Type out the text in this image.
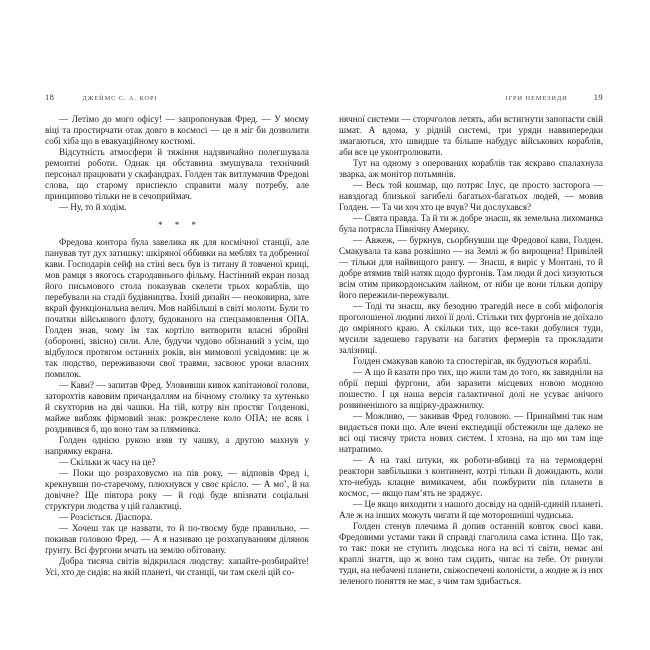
18	ДЖЕЙМС С. А. КОРІ

— Летімо до мого офісу! — запропонував Фред. — У моєму віці та простирчати отак довго в космосі — це я міг би дозволити собі хіба що в евакуаційному костюмі.

Відсутність атмосфери й тяжіння надзвичайно полегшувала ремонтні роботи. Однак ця обставина змушувала технічний персонал працювати у скафандрах. Голден так витлумачив Фредові слова, що старому приспекло справити малу потребу, але принципово тільки не в сечоприймач.

— Ну, то й ходім.

* * *

Фредова контора була завелика як для космічної станції, але панував тут дух затишку: шкіряної оббивки на меблях та добренної кави. Господарів сейф на стіні весь був із титану й товченої криці, мов рамця з якогось стародавнього фільму. Настінний екран позад його письмового стола показував скелети трьох кораблів, що перебували на стадії будівництва. Їхній дизайн — неоковирна, зате вкрай функціональна велич. Мов найбільші в світі молоти. Були то початки військового флоту, будованого на спецзамовлення ОПА. Голден знав, чому їм так кортіло витворити власні збройні (оборонні, звісно) сили. Але, будучи чудово обізнаний з усім, що відбулося протягом останніх років, він мимоволі усвідомив: це ж так людство, переживаючи свої травми, засвоює уроки власних помилок.

— Кави? — запитав Фред. Уловивши кивок капітанової голови, заторохтів кавовим причандаллям на бічному столику та хутенько й скухторив на дві чашки. На тій, котру він простяг Голденові, майже вибляк фірмовий знак: розкреслене коло ОПА; не всяк і роздивився б, що воно там за пляминка.

Голден однією рукою взяв ту чашку, а другою махнув у напрямку екрана.

— Скільки ж часу на це?

— Поки що розраховуємо на пів року, — відповів Фред і, крекнувши по-старечому, плюхнувся у своє крісло. — А мо’, й на довічне? Ще півтора року — й годі буде впізнати соціальні структури людства у цій галактиці.

— Розсіється. Діаспора.

— Хочеш так це назвати, то й по-твоєму буде правильно, — покивав головою Фред. — А я називаю це розхапуванням ділянок ґрунту. Всі фургони мчать на землю обітовану.

Добра тисяча світів відкрилася людству: хапайте-розбирайте! Усі, хто де сидів: на якій планеті, чи станції, чи там скелі цій со-

ІГРИ НЕМЕЗИДИ	19

нячної системи — сторчголов летять, аби встигнути запопасти свій шмат. А вдома, у рідній системі, три уряди наввипередки змагаються, хто швидше та більше набудує військових кораблів, аби все це уконтролювати.

Тут на одному з оперованих кораблів так яскраво спалахнула зварка, аж монітор потьмянів.

— Весь той кошмар, що потряс Ілус, це просто засторога — навздогад близької загибелі багатьох-багатьох людей, — мовив Голден. — Та чи хоч хто це вчув? Чи дослухався?

— Свята правда. Та й ти ж добре знаєш, як земельна лихоманка була потрясла Північну Америку.

— Авжеж, — буркнув, сьорбнувши ще Фредової кави, Голден. Смакувала та кава розкішно — на Землі ж бо вирощена! Привілей — тільки для найвищого рангу. — Знаєш, я виріс у Монтані, то й добре втямив твій натяк щодо фургонів. Там люди й досі хизуються всім отим прикордонським лайном, от ніби це вони тільки допіру його пережили-пережували.

— Тоді ти знаєш, яку безодню трагедій несе в собі міфологія проголошеної людині лихої її долі. Стільки тих фургонів не доїхало до омріяного краю. А скільки тих, що все-таки добулися туди, мусили задешево гарувати на багатих фермерів та прокладати залізниці.

Голден смакував кавою та спостерігав, як будуються кораблі.

— А що й казати про тих, що жили там до того, як завидніли на обрії перші фургони, аби заразити місцевих новою модною пошестю. І ця наша версія галактичної долі не усуває анічого розвиненішого за ящірку-дражнилку.

— Можливо, — закивав Фред головою. — Принаймні так нам видається поки що. Але вчені експедиції обстежили ще далеко не всі оці тисячу триста нових систем. І хтозна, на що ми там іще натрапимо.

— А на такі штуки, як роботи-вбивці та на термоядерні реактори завбільшки з континент, котрі тільки й дожидають, коли хто-небудь клацне вимикачем, аби пожбурити пів планети в космос, — якщо пам’ять не зраджує.

— Це якщо виходити з нашого досвіду на одній-єдиній планеті. Але ж на інших можуть чигати й ще моторошніші чудиська.

Голден стенув плечима й допив останній ковток своєї кави. Фредовими устами таки й справді глаголила сама істина. Що так, то так: поки не ступить людська нога на всі ті світи, немає ані краплі знаття, що ж воно там сидить, чигає на тебе. От ринули туди, на небачені планети, свіжоспечені колоністи, а жодне ж із них зеленого поняття не має, з чим там здибається.
